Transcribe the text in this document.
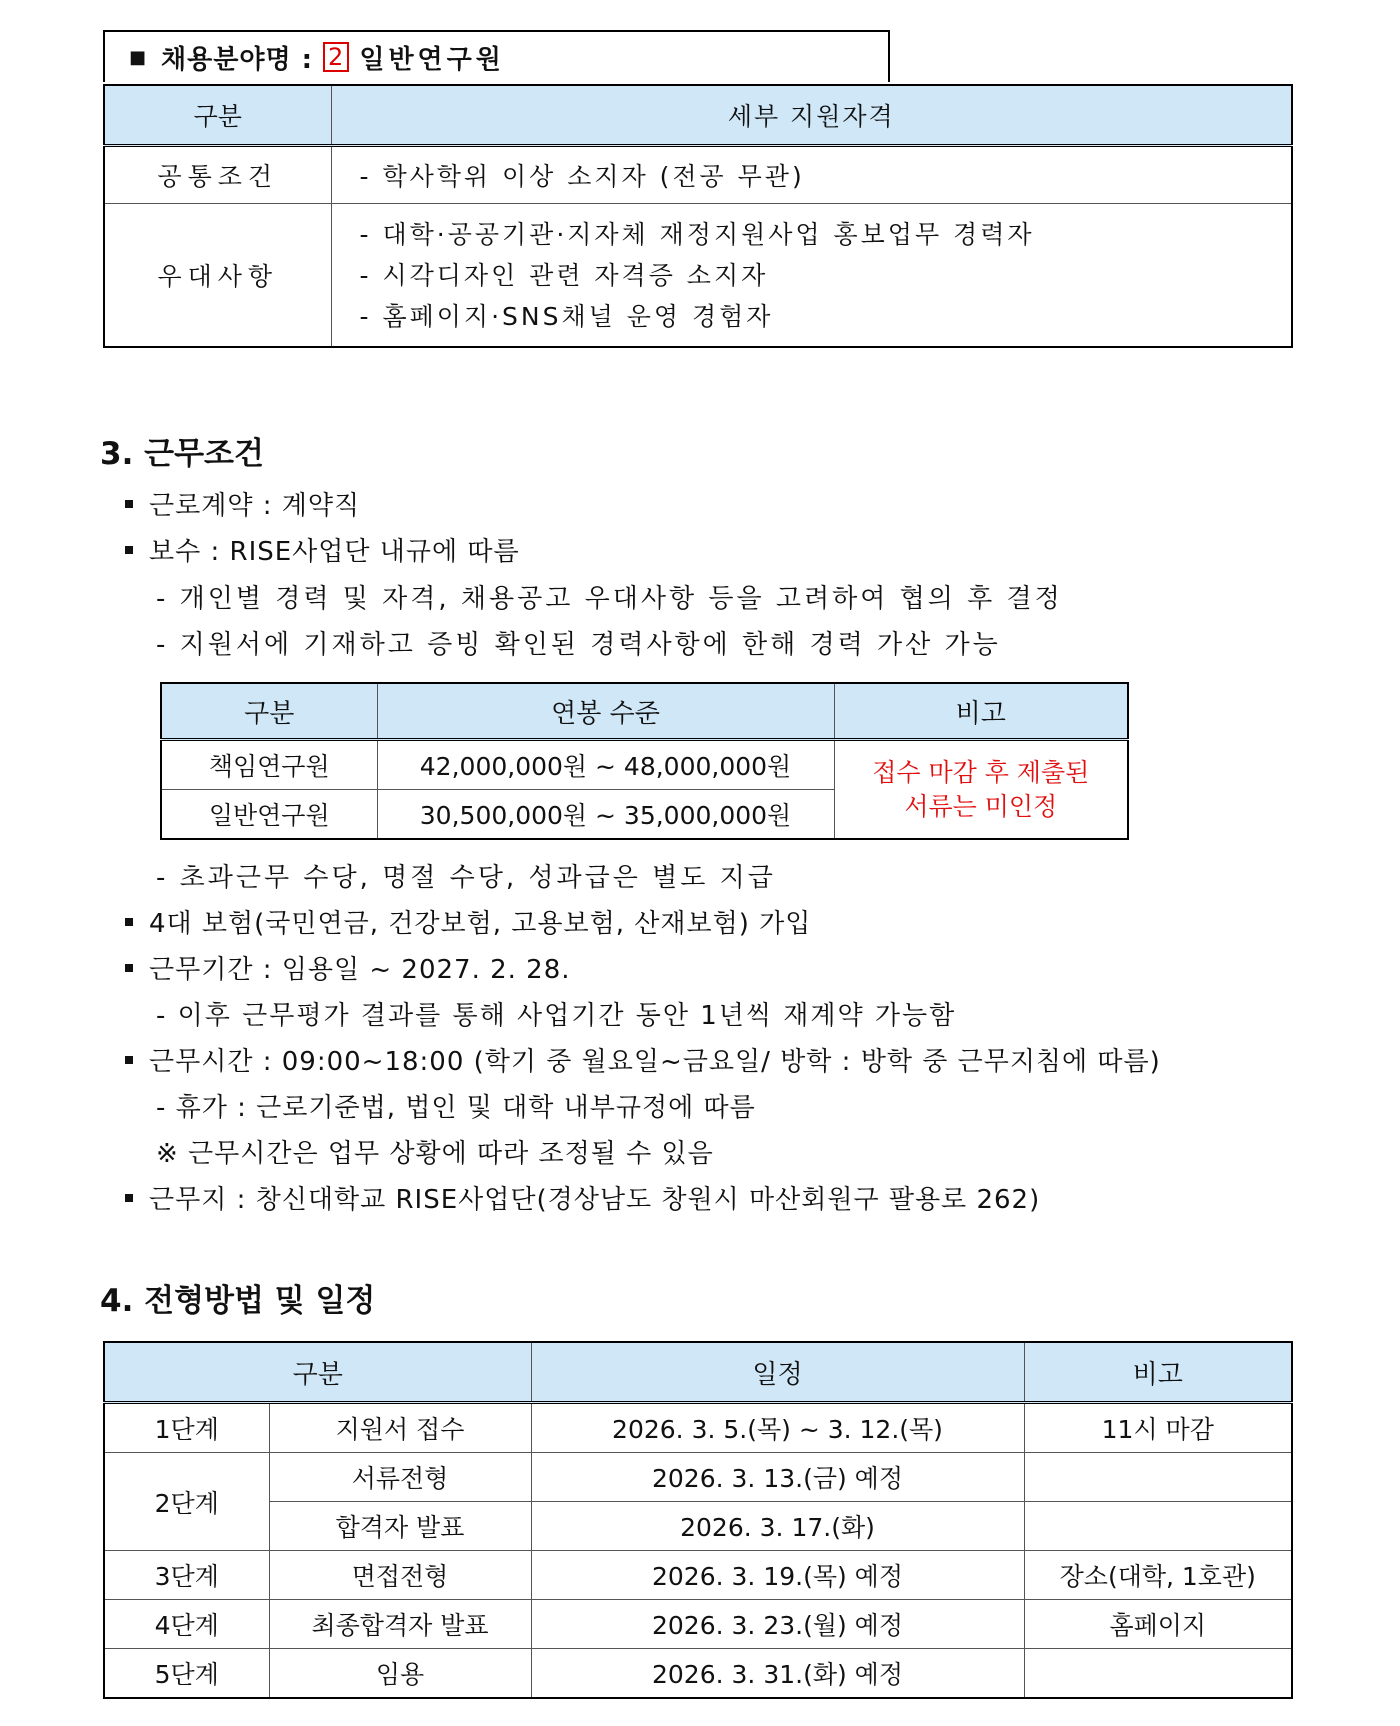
■ 채용분야명 : 2 일반연구원
구분	세부 지원자격
공통조건	- 학사학위 이상 소지자 (전공 무관)
우대사항	- 대학·공공기관·지자체 재정지원사업 홍보업무 경력자
- 시각디자인 관련 자격증 소지자
- 홈페이지·SNS채널 운영 경험자
3. 근무조건
근로계약 : 계약직
보수 : RISE사업단 내규에 따름
- 개인별 경력 및 자격, 채용공고 우대사항 등을 고려하여 협의 후 결정
- 지원서에 기재하고 증빙 확인된 경력사항에 한해 경력 가산 가능
구분	연봉 수준	비고
책임연구원	42,000,000원 ~ 48,000,000원	접수 마감 후 제출된
서류는 미인정

일반연구원	30,500,000원 ~ 35,000,000원	
- 초과근무 수당, 명절 수당, 성과급은 별도 지급
4대 보험(국민연금, 건강보험, 고용보험, 산재보험) 가입
근무기간 : 임용일 ~ 2027. 2. 28.
- 이후 근무평가 결과를 통해 사업기간 동안 1년씩 재계약 가능함
근무시간 : 09:00~18:00 (학기 중 월요일~금요일/ 방학 : 방학 중 근무지침에 따름)
- 휴가 : 근로기준법, 법인 및 대학 내부규정에 따름
※ 근무시간은 업무 상황에 따라 조정될 수 있음
근무지 : 창신대학교 RISE사업단(경상남도 창원시 마산회원구 팔용로 262)
4. 전형방법 및 일정
구분		일정	비고
1단계	지원서 접수	2026. 3. 5.(목) ~ 3. 12.(목)	11시 마감
2단계	서류전형	2026. 3. 13.(금) 예정	
	합격자 발표	2026. 3. 17.(화)	
3단계	면접전형	2026. 3. 19.(목) 예정	장소(대학, 1호관)
4단계	최종합격자 발표	2026. 3. 23.(월) 예정	홈페이지
5단계	임용	2026. 3. 31.(화) 예정	
